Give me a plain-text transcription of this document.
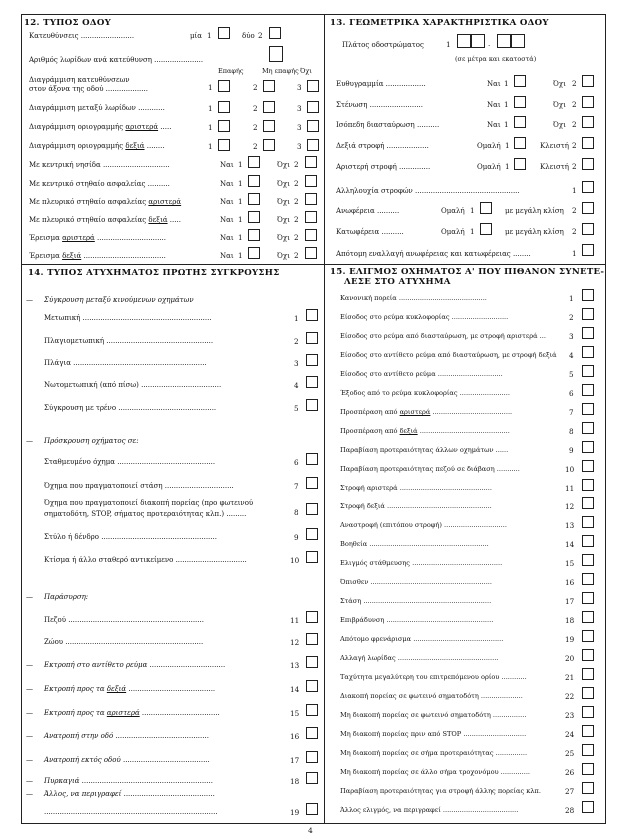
12. ΤΥΠΟΣ ΟΔΟΥ
Κατευθύνσεις ........................	μία 1	δύο 2
Αριθμός λωρίδων ανά κατεύθυνση ......................
Επαφής	Μη επαφής Όχι
Διαγράμμιση κατευθύνσεων
στον άξονα της οδού ...................	1	2	3
Διαγράμμιση μεταξύ λωρίδων ............	1	2	3
Διαγράμμιση οριογραμμής αριστερά .....	1	2	3
Διαγράμμιση οριογραμμής δεξιά ........	1	2	3
Με κεντρική νησίδα ..............................	Ναι 1	Όχι 2
Με κεντρικό στηθαίο ασφαλείας ..........	Ναι 1	Όχι 2
Με πλευρικό στηθαίο ασφαλείας αριστερά	Ναι 1	Όχι 2
Με πλευρικό στηθαίο ασφαλείας δεξιά .....	Ναι 1	Όχι 2
Έρεισμα αριστερά ...............................	Ναι 1	Όχι 2
Έρεισμα δεξιά .....................................	Ναι 1	Όχι 2
13. ΓΕΩΜΕΤΡΙΚΑ ΧΑΡΑΚΤΗΡΙΣΤΙΚΑ ΟΔΟΥ
Πλάτος οδοστρώματος	1	.
(σε μέτρα και εκατοστά)
Ευθυγραμμία ..................	Ναι 1	Όχι 2
Στένωση ........................	Ναι 1	Όχι 2
Ισόπεδη διασταύρωση ..........	Ναι 1	Όχι 2
Δεξιά στροφή ...................	Ομαλή 1	Κλειστή 2
Αριστερή στροφή ..............	Ομαλή 1	Κλειστή 2
Αλληλουχία στροφών ...............................................	1
Ανωφέρεια ..........	Ομαλή 1	με μεγάλη κλίση 2
Κατωφέρεια ..........	Ομαλή 1	με μεγάλη κλίση 2
Απότομη εναλλαγή ανωφέρειας και κατωφέρειας ........	1
14. ΤΥΠΟΣ ΑΤΥΧΗΜΑΤΟΣ ΠΡΩΤΗΣ ΣΥΓΚΡΟΥΣΗΣ
— Σύγκρουση μεταξύ κινούμενων οχημάτων
Μετωπική ..........................................................	1
Πλαγιομετωπική ................................................	2
Πλάγια ............................................................	3
Νωτομετωπική (από πίσω) ....................................	4
Σύγκρουση με τρένο ............................................	5
— Πρόσκρουση οχήματος σε:
Σταθμευμένο όχημα ............................................	6
Όχημα που πραγματοποιεί στάση ...............................	7
Όχημα που πραγματοποιεί διακοπή πορείας (προ φωτεινού
σηματοδότη, STOP, σήματος προτεραιότητας κλπ.) .........	8
Στύλο ή δένδρο ....................................................	9
Κτίσμα ή άλλο σταθερό αντικείμενο ................................	10
— Παράσυρση:
Πεζού .............................................................	11
Ζώου ..............................................................	12
— Εκτροπή στο αντίθετο ρεύμα ..................................	13
— Εκτροπή προς τα δεξιά .......................................	14
— Εκτροπή προς τα αριστερά ...................................	15
— Ανατροπή στην οδό ..........................................	16
— Ανατροπή εκτός οδού .......................................	17
— Πυρκαγιά ...........................................................	18
— Άλλος, να περιγραφεί .........................................
..............................................................................	19
15. ΕΛΙΓΜΟΣ ΟΧΗΜΑΤΟΣ Α' ΠΟΥ ΠΙΘΑΝΟΝ ΣΥΝΕΤΕ-
ΛΕΣΕ ΣΤΟ ΑΤΥΧΗΜΑ
Κανονική πορεία ..........................................	1
Είσοδος στο ρεύμα κυκλοφορίας ...........................	2
Είσοδος στο ρεύμα από διασταύρωση, με στροφή αριστερά ...	3
Είσοδος στο αντίθετο ρεύμα από διασταύρωση, με στροφή δεξιά 4
Είσοδος στο αντίθετο ρεύμα ...............................	5
Έξοδος από το ρεύμα κυκλοφορίας ........................	6
Προσπέραση από αριστερά ......................................	7
Προσπέραση από δεξιά ...........................................	8
Παραβίαση προτεραιότητας άλλων οχημάτων ......	9
Παραβίαση προτεραιότητας πεζού σε διάβαση ...........	10
Στροφή αριστερά ............................................	11
Στροφή δεξιά ..................................................	12
Αναστροφή (επιτόπου στροφή) ..............................	13
Βοηθεία .........................................................	14
Ελιγμός στάθμευσης ...........................................	15
Όπισθεν ..........................................................	16
Στάση .............................................................	17
Επιβράδυνση ...................................................	18
Απότομο φρενάρισμα ...........................................	19
Αλλαγή λωρίδας ................................................	20
Ταχύτητα μεγαλύτερη του επιτρεπόμενου ορίου ............	21
Διακοπή πορείας σε φωτεινό σηματοδότη ....................	22
Μη διακοπή πορείας σε φωτεινό σηματοδότη ................	23
Μη διακοπή πορείας πριν από STOP ..............................	24
Μη διακοπή πορείας σε σήμα προτεραιότητας ...............	25
Μη διακοπή πορείας σε άλλο σήμα τροχονόμου ..............	26
Παραβίαση προτεραιότητας για στροφή άλλης πορείας κλπ.	27
Άλλος ελιγμός, να περιγραφεί ....................................	28
4
